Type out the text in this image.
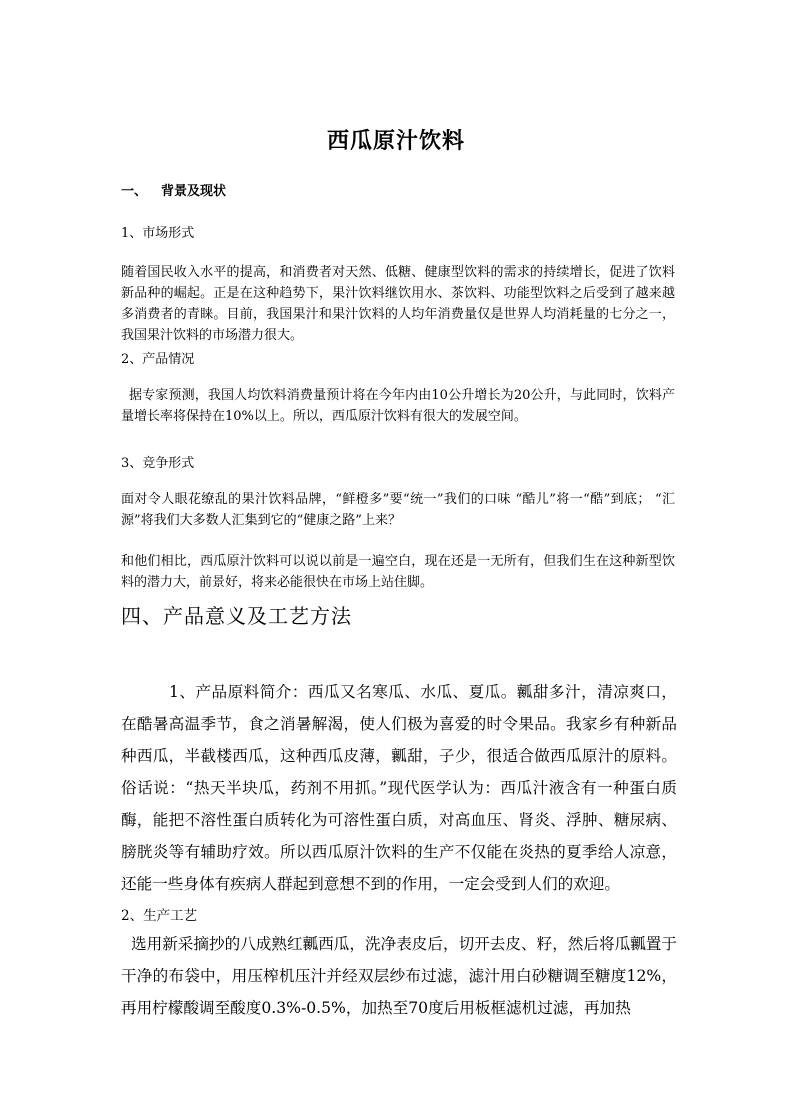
西瓜原汁饮料
一、 背景及现状
1、市场形式
随着国民收入水平的提高，和消费者对天然、低糖、健康型饮料的需求的持续增长，促进了饮料新品种的崛起。正是在这种趋势下，果汁饮料继饮用水、茶饮料、功能型饮料之后受到了越来越多消费者的青睐。目前，我国果汁和果汁饮料的人均年消费量仅是世界人均消耗量的七分之一，我国果汁饮料的市场潜力很大。
2、产品情况
据专家预测，我国人均饮料消费量预计将在今年内由10公升增长为20公升，与此同时，饮料产量增长率将保持在10%以上。所以，西瓜原汁饮料有很大的发展空间。
3、竞争形式
面对令人眼花缭乱的果汁饮料品牌，“鲜橙多”要“统一”我们的口味 “酷儿”将一“酷”到底； “汇源”将我们大多数人汇集到它的“健康之路”上来？
和他们相比，西瓜原汁饮料可以说以前是一遍空白，现在还是一无所有，但我们生在这种新型饮料的潜力大，前景好，将来必能很快在市场上站住脚。
四、产品意义及工艺方法
1、产品原料简介：西瓜又名寒瓜、水瓜、夏瓜。瓤甜多汁，清凉爽口，在酷暑高温季节，食之消暑解渴，使人们极为喜爱的时令果品。我家乡有种新品种西瓜，半截楼西瓜，这种西瓜皮薄，瓤甜，子少，很适合做西瓜原汁的原料。俗话说：“热天半块瓜，药剂不用抓。”现代医学认为：西瓜汁液含有一种蛋白质酶，能把不溶性蛋白质转化为可溶性蛋白质，对高血压、肾炎、浮肿、糖尿病、膀胱炎等有辅助疗效。所以西瓜原汁饮料的生产不仅能在炎热的夏季给人凉意，还能一些身体有疾病人群起到意想不到的作用，一定会受到人们的欢迎。
2、生产工艺
选用新采摘抄的八成熟红瓤西瓜，洗净表皮后，切开去皮、籽，然后将瓜瓤置于干净的布袋中，用压榨机压汁并经双层纱布过滤，滤汁用白砂糖调至糖度12%，再用柠檬酸调至酸度0.3%-0.5%，加热至70度后用板框滤机过滤，再加热
